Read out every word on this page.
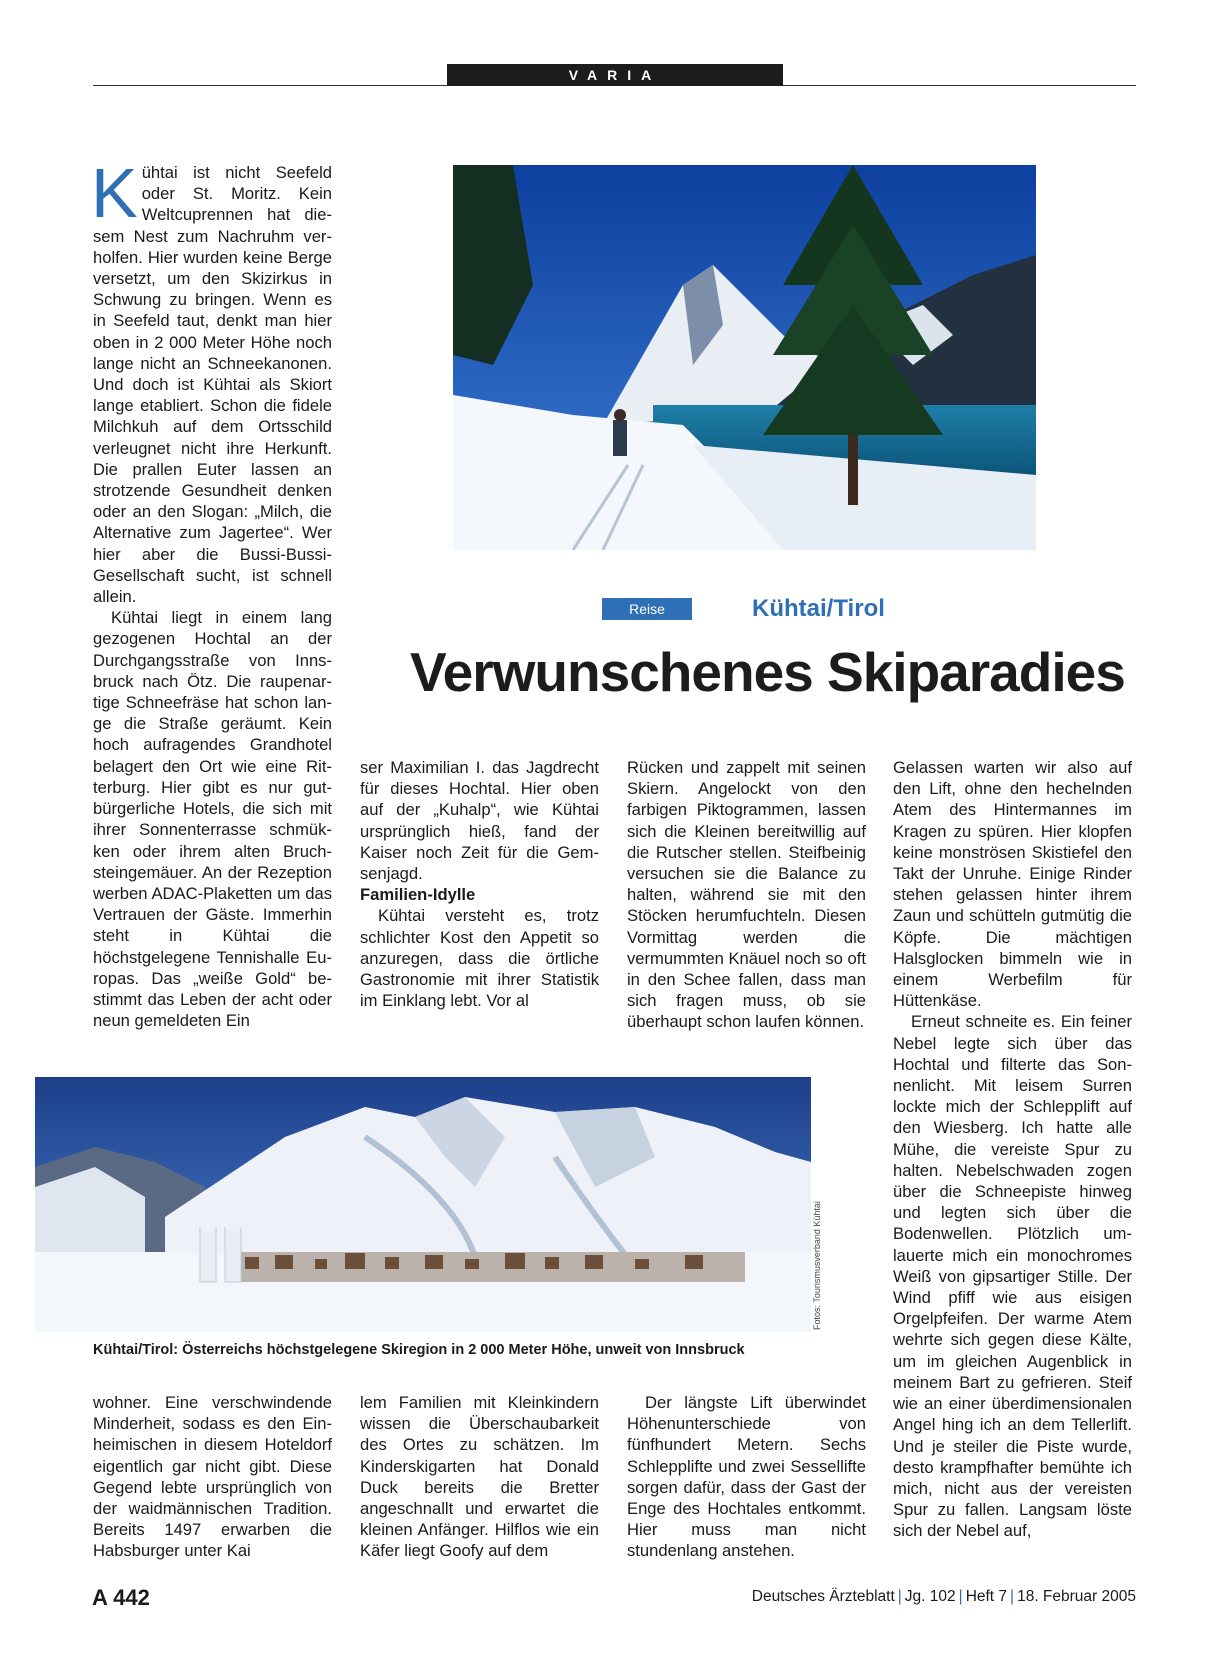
VARIA

Kühtai ist nicht Seefeld oder St. Moritz. Kein Weltcuprennen hat diesem Nest zum Nachruhm verholfen. Hier wurden keine Berge versetzt, um den Skizirkus in Schwung zu bringen. Wenn es in Seefeld taut, denkt man hier oben in 2 000 Meter Höhe noch lange nicht an Schneekanonen. Und doch ist Kühtai als Skiort lange etabliert. Schon die fidele Milchkuh auf dem Ortsschild verleugnet nicht ihre Herkunft. Die prallen Euter lassen an strotzende Gesundheit denken oder an den Slogan: „Milch, die Alternative zum Jagertee“. Wer hier aber die Bussi-Bussi-Gesellschaft sucht, ist schnell allein.

Kühtai liegt in einem lang gezogenen Hochtal an der Durchgangsstraße von Innsbruck nach Ötz. Die raupenartige Schneefräse hat schon lange die Straße geräumt. Kein hoch aufragendes Grandhotel belagert den Ort wie eine Ritterburg. Hier gibt es nur gutbürgerliche Hotels, die sich mit ihrer Sonnenterrasse schmükken oder ihrem alten Bruchsteingemäuer. An der Rezeption werben ADAC-Plaketten um das Vertrauen der Gäste. Immerhin steht in Kühtai die höchstgelegene Tennishalle Europas. Das „weiße Gold“ bestimmt das Leben der acht oder neun gemeldeten Ein

Reise	Kühtai/Tirol
Verwunschenes Skiparadies

ser Maximilian I. das Jagdrecht für dieses Hochtal. Hier oben auf der „Kuhalp“, wie Kühtai ursprünglich hieß, fand der Kaiser noch Zeit für die Gemsenjagd.

Familien-Idylle

Kühtai versteht es, trotz schlichter Kost den Appetit so anzuregen, dass die örtliche Gastronomie mit ihrer Statistik im Einklang lebt. Vor al

Rücken und zappelt mit seinen Skiern. Angelockt von den farbigen Piktogrammen, lassen sich die Kleinen bereitwillig auf die Rutscher stellen. Steifbeinig versuchen sie die Balance zu halten, während sie mit den Stöcken herumfuchteln. Diesen Vormittag werden die vermummten Knäuel noch so oft in den Schee fallen, dass man sich fragen muss, ob sie überhaupt schon laufen können.

Gelassen warten wir also auf den Lift, ohne den hechelnden Atem des Hintermannes im Kragen zu spüren. Hier klopfen keine monströsen Skistiefel den Takt der Unruhe. Einige Rinder stehen gelassen hinter ihrem Zaun und schütteln gutmütig die Köpfe. Die mächtigen Halsglocken bimmeln wie in einem Werbefilm für Hüttenkäse.

Erneut schneite es. Ein feiner Nebel legte sich über das Hochtal und filterte das Sonnenlicht. Mit leisem Surren lockte mich der Schlepplift auf den Wiesberg. Ich hatte alle Mühe, die vereiste Spur zu halten. Nebelschwaden zogen über die Schneepiste hinweg und legten sich über die Bodenwellen. Plötzlich umlauerte mich ein monochromes Weiß von gipsartiger Stille. Der Wind pfiff wie aus eisigen Orgelpfeifen. Der warme Atem wehrte sich gegen diese Kälte, um im gleichen Augenblick in meinem Bart zu gefrieren. Steif wie an einer überdimensionalen Angel hing ich an dem Tellerlift. Und je steiler die Piste wurde, desto krampfhafter bemühte ich mich, nicht aus der vereisten Spur zu fallen. Langsam löste sich der Nebel auf,

Fotos: Tourismusverband Kühtai
Kühtai/Tirol: Österreichs höchstgelegene Skiregion in 2 000 Meter Höhe, unweit von Innsbruck

wohner. Eine verschwindende Minderheit, sodass es den Einheimischen in diesem Hoteldorf eigentlich gar nicht gibt. Diese Gegend lebte ursprünglich von der waidmännischen Tradition. Bereits 1497 erwarben die Habsburger unter Kai

lem Familien mit Kleinkindern wissen die Überschaubarkeit des Ortes zu schätzen. Im Kinderskigarten hat Donald Duck bereits die Bretter angeschnallt und erwartet die kleinen Anfänger. Hilflos wie ein Käfer liegt Goofy auf dem

Der längste Lift überwindet Höhenunterschiede von fünfhundert Metern. Sechs Schlepplifte und zwei Sessellifte sorgen dafür, dass der Gast der Enge des Hochtales entkommt. Hier muss man nicht stundenlang anstehen.

A 442	Deutsches Ärzteblatt | Jg. 102 | Heft 7 | 18. Februar 2005
